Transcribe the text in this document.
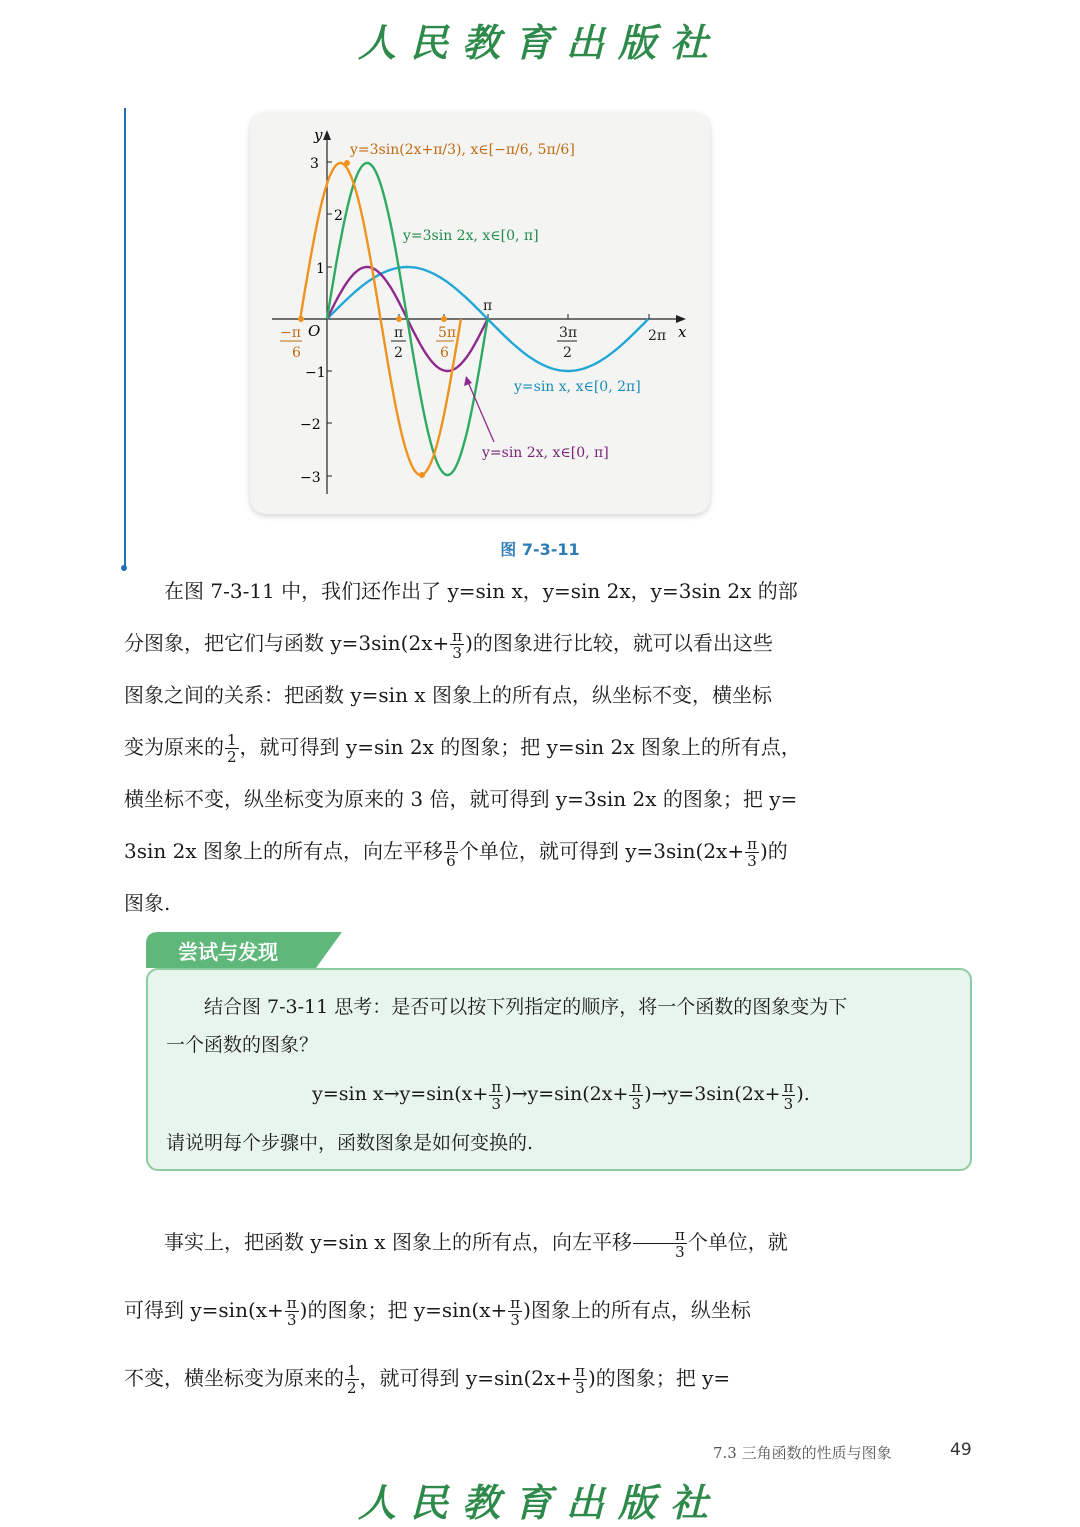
人民教育出版社
y
x
O
3
2
1
−1
−2
−3
−π
6
5π
6
π
2
π
3π
2
2π
y=3sin(2x+π/3), x∈[−π/6, 5π/6]
y=3sin 2x, x∈[0, π]
y=sin x, x∈[0, 2π]
y=sin 2x, x∈[0, π]
图 7-3-11

在图 7-3-11 中，我们还作出了 y=sin x，y=sin 2x，y=3sin 2x 的部

分图象，把它们与函数 $y=3\sin(2x+ \frac{\pi}{3}$ )的图象进行比较，就可以看出这些

图象之间的关系：把函数 y=sin x 图象上的所有点，纵坐标不变，横坐标

变为原来的 $\frac{1}{2}$ ，就可得到 y=sin 2x 的图象；把 y=sin 2x 图象上的所有点，

横坐标不变，纵坐标变为原来的 3 倍，就可得到 y=3sin 2x 的图象；把 y=

3sin 2x 图象上的所有点，向左平移 $\frac{\pi}{6}$ 个单位，就可得到 $y=3\sin(2x+ \frac{\pi}{3}$ )的

图象.

尝试与发现

结合图 7-3-11 思考：是否可以按下列指定的顺序，将一个函数的图象变为下

一个函数的图象？

y=sin $x\to y=\sin(x+ \frac{\pi}{3} )\to y=\sin(2x+ \frac{\pi}{3} )\to y=3\sin(2x+ \frac{\pi}{3}$ ).

请说明每个步骤中，函数图象是如何变换的.

事实上，把函数 y=sin x 图象上的所有点，向左平移 $\frac{\pi}{3}$ 个单位，就

可得到 $y=\sin(x+ \frac{\pi}{3}$ )的图象；把 $y=\sin(x+ \frac{\pi}{3}$ )图象上的所有点，纵坐标

不变，横坐标变为原来的 $\frac{1}{2}$ ，就可得到 $y=\sin(2x+ \frac{\pi}{3}$ )的图象；把 y=

7.3 三角函数的性质与图象	49
人民教育出版社
